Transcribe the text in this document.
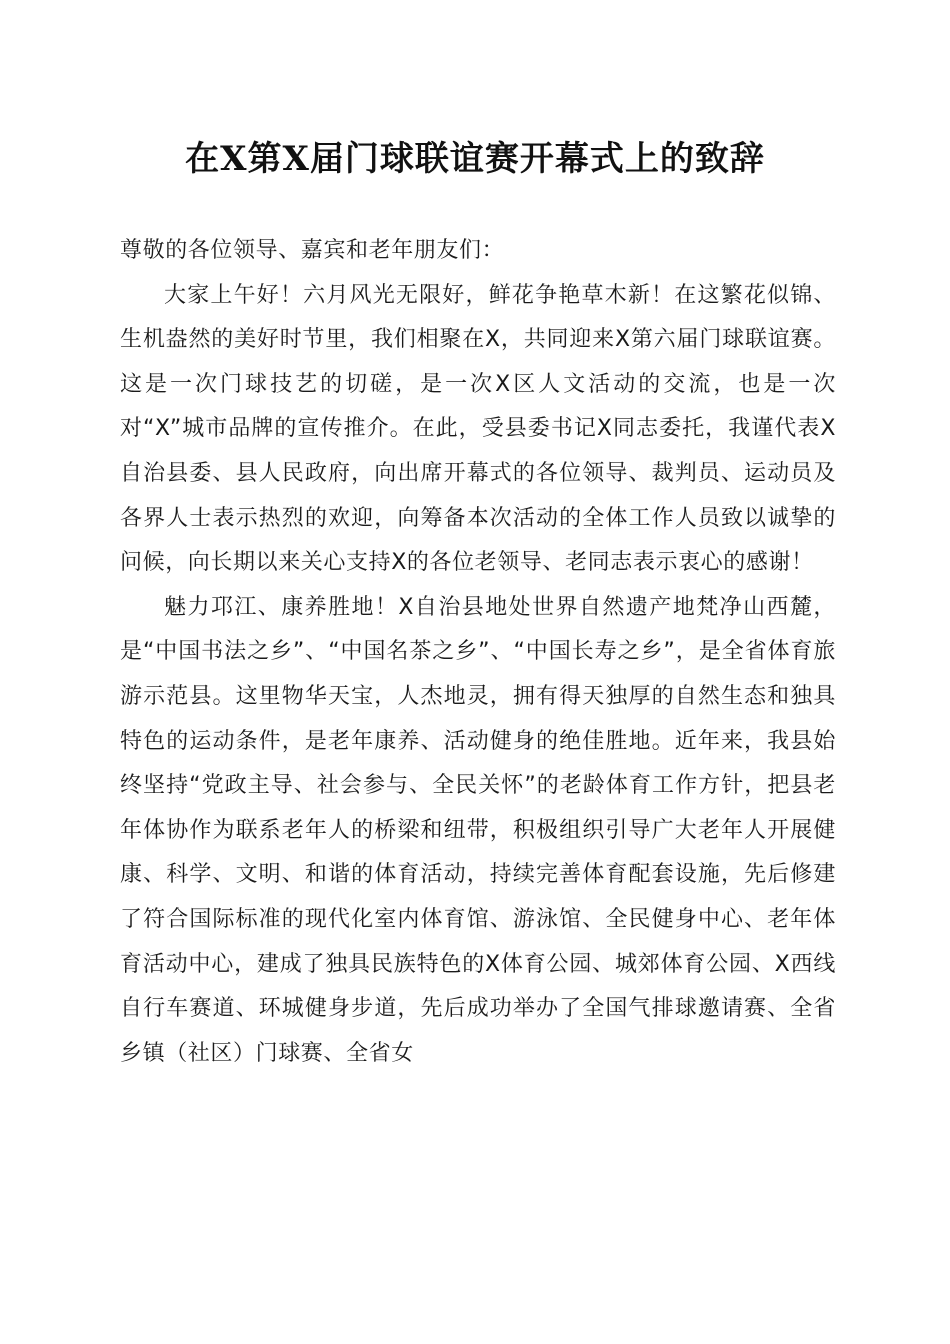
在X第X届门球联谊赛开幕式上的致辞

尊敬的各位领导、嘉宾和老年朋友们：

大家上午好！六月风光无限好，鲜花争艳草木新！在这繁花似锦、生机盎然的美好时节里，我们相聚在X，共同迎来X第六届门球联谊赛。这是一次门球技艺的切磋，是一次X区人文活动的交流，也是一次对“X”城市品牌的宣传推介。在此，受县委书记X同志委托，我谨代表X自治县委、县人民政府，向出席开幕式的各位领导、裁判员、运动员及各界人士表示热烈的欢迎，向筹备本次活动的全体工作人员致以诚挚的问候，向长期以来关心支持X的各位老领导、老同志表示衷心的感谢！

魅力邛江、康养胜地！X自治县地处世界自然遗产地梵净山西麓，是“中国书法之乡”、“中国名茶之乡”、“中国长寿之乡”，是全省体育旅游示范县。这里物华天宝，人杰地灵，拥有得天独厚的自然生态和独具特色的运动条件，是老年康养、活动健身的绝佳胜地。近年来，我县始终坚持“党政主导、社会参与、全民关怀”的老龄体育工作方针，把县老年体协作为联系老年人的桥梁和纽带，积极组织引导广大老年人开展健康、科学、文明、和谐的体育活动，持续完善体育配套设施，先后修建了符合国际标准的现代化室内体育馆、游泳馆、全民健身中心、老年体育活动中心，建成了独具民族特色的X体育公园、城郊体育公园、X西线自行车赛道、环城健身步道，先后成功举办了全国气排球邀请赛、全省乡镇（社区）门球赛、全省女
